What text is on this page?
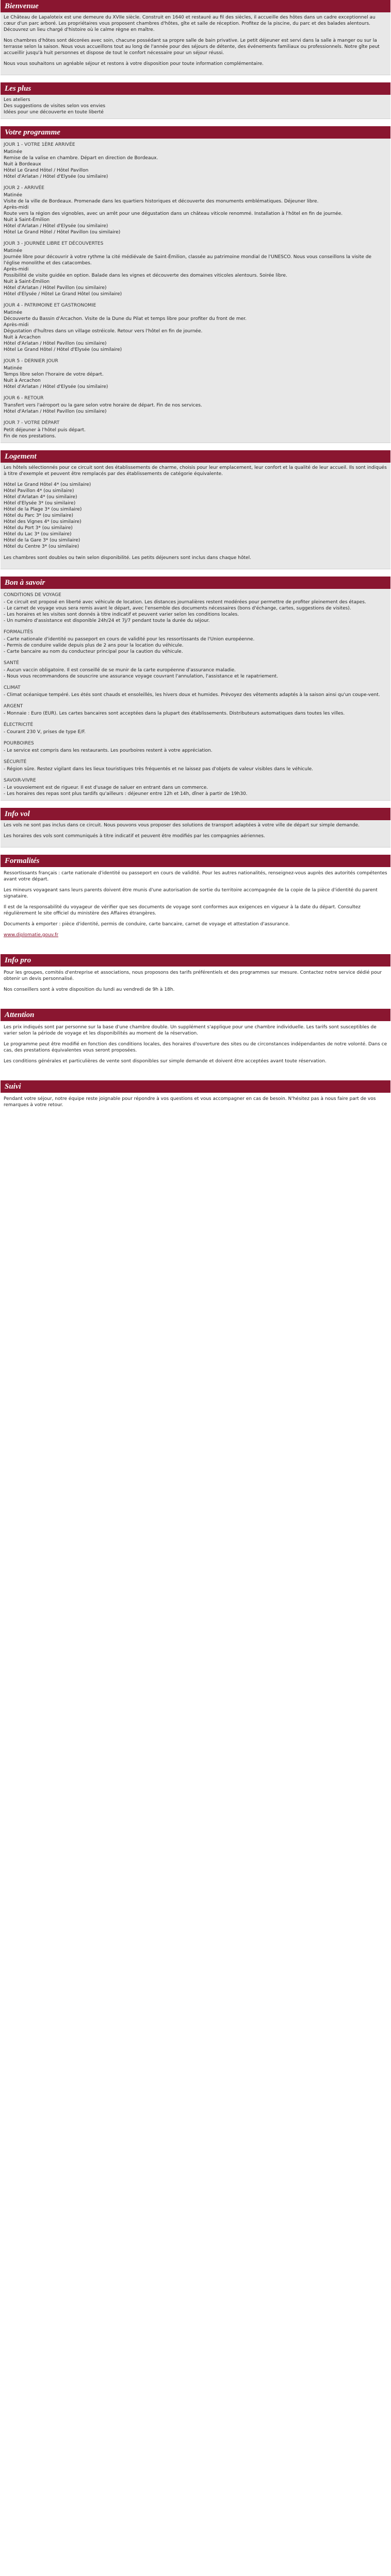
Bienvenue

Le Château de Lapaloteix est une demeure du XVIIe siècle. Construit en 1640 et restauré au fil des siècles, il accueille des hôtes dans un cadre exceptionnel au cœur d'un parc arboré. Les propriétaires vous proposent chambres d'hôtes, gîte et salle de réception. Profitez de la piscine, du parc et des balades alentours. Découvrez un lieu chargé d'histoire où le calme règne en maître.

Nos chambres d'hôtes sont décorées avec soin, chacune possédant sa propre salle de bain privative. Le petit déjeuner est servi dans la salle à manger ou sur la terrasse selon la saison. Nous vous accueillons tout au long de l'année pour des séjours de détente, des événements familiaux ou professionnels. Notre gîte peut accueillir jusqu'à huit personnes et dispose de tout le confort nécessaire pour un séjour réussi.

Nous vous souhaitons un agréable séjour et restons à votre disposition pour toute information complémentaire.

Les plus
Les ateliers
Des suggestions de visites selon vos envies
Idées pour une découverte en toute liberté
Votre programme
JOUR 1 - VOTRE 1ÈRE ARRIVÉE
Matinée
Remise de la valise en chambre. Départ en direction de Bordeaux.
Nuit à Bordeaux
Hôtel Le Grand Hôtel / Hôtel Pavillon
Hôtel d'Arlatan / Hôtel d'Elysée (ou similaire)
JOUR 2 - ARRIVÉE
Matinée
Visite de la ville de Bordeaux. Promenade dans les quartiers historiques et découverte des monuments emblématiques. Déjeuner libre.
Après-midi
Route vers la région des vignobles, avec un arrêt pour une dégustation dans un château viticole renommé. Installation à l'hôtel en fin de journée.
Nuit à Saint-Émilion
Hôtel d'Arlatan / Hôtel d'Elysée (ou similaire)
Hôtel Le Grand Hôtel / Hôtel Pavillon (ou similaire)
JOUR 3 - JOURNÉE LIBRE ET DÉCOUVERTES
Matinée
Journée libre pour découvrir à votre rythme la cité médiévale de Saint-Émilion, classée au patrimoine mondial de l'UNESCO. Nous vous conseillons la visite de l'église monolithe et des catacombes.
Après-midi
Possibilité de visite guidée en option. Balade dans les vignes et découverte des domaines viticoles alentours. Soirée libre.
Nuit à Saint-Émilion
Hôtel d'Arlatan / Hôtel Pavillon (ou similaire)
Hôtel d'Elysée / Hôtel Le Grand Hôtel (ou similaire)
JOUR 4 - PATRIMOINE ET GASTRONOMIE
Matinée
Découverte du Bassin d'Arcachon. Visite de la Dune du Pilat et temps libre pour profiter du front de mer.
Après-midi
Dégustation d'huîtres dans un village ostréicole. Retour vers l'hôtel en fin de journée.
Nuit à Arcachon
Hôtel d'Arlatan / Hôtel Pavillon (ou similaire)
Hôtel Le Grand Hôtel / Hôtel d'Elysée (ou similaire)
JOUR 5 - DERNIER JOUR
Matinée
Temps libre selon l'horaire de votre départ.
Nuit à Arcachon
Hôtel d'Arlatan / Hôtel d'Elysée (ou similaire)
JOUR 6 - RETOUR
Transfert vers l'aéroport ou la gare selon votre horaire de départ. Fin de nos services.
Hôtel d'Arlatan / Hôtel Pavillon (ou similaire)
JOUR 7 - VOTRE DÉPART
Petit déjeuner à l'hôtel puis départ.
Fin de nos prestations.
Logement

Les hôtels sélectionnés pour ce circuit sont des établissements de charme, choisis pour leur emplacement, leur confort et la qualité de leur accueil. Ils sont indiqués à titre d'exemple et peuvent être remplacés par des établissements de catégorie équivalente.

Hôtel Le Grand Hôtel 4* (ou similaire)
Hôtel Pavillon 4* (ou similaire)
Hôtel d'Arlatan 4* (ou similaire)
Hôtel d'Elysée 3* (ou similaire)
Hôtel de la Plage 3* (ou similaire)
Hôtel du Parc 3* (ou similaire)
Hôtel des Vignes 4* (ou similaire)
Hôtel du Port 3* (ou similaire)
Hôtel du Lac 3* (ou similaire)
Hôtel de la Gare 3* (ou similaire)
Hôtel du Centre 3* (ou similaire)

Les chambres sont doubles ou twin selon disponibilité. Les petits déjeuners sont inclus dans chaque hôtel.

Bon à savoir
CONDITIONS DE VOYAGE
- Ce circuit est proposé en liberté avec véhicule de location. Les distances journalières restent modérées pour permettre de profiter pleinement des étapes.
- Le carnet de voyage vous sera remis avant le départ, avec l'ensemble des documents nécessaires (bons d'échange, cartes, suggestions de visites).
- Les horaires et les visites sont donnés à titre indicatif et peuvent varier selon les conditions locales.
- Un numéro d'assistance est disponible 24h/24 et 7j/7 pendant toute la durée du séjour.
FORMALITÉS
- Carte nationale d'identité ou passeport en cours de validité pour les ressortissants de l'Union européenne.
- Permis de conduire valide depuis plus de 2 ans pour la location du véhicule.
- Carte bancaire au nom du conducteur principal pour la caution du véhicule.
SANTÉ
- Aucun vaccin obligatoire. Il est conseillé de se munir de la carte européenne d'assurance maladie.
- Nous vous recommandons de souscrire une assurance voyage couvrant l'annulation, l'assistance et le rapatriement.
CLIMAT
- Climat océanique tempéré. Les étés sont chauds et ensoleillés, les hivers doux et humides. Prévoyez des vêtements adaptés à la saison ainsi qu'un coupe-vent.
ARGENT
- Monnaie : Euro (EUR). Les cartes bancaires sont acceptées dans la plupart des établissements. Distributeurs automatiques dans toutes les villes.
ÉLECTRICITÉ
- Courant 230 V, prises de type E/F.
POURBOIRES
- Le service est compris dans les restaurants. Les pourboires restent à votre appréciation.
SÉCURITÉ
- Région sûre. Restez vigilant dans les lieux touristiques très fréquentés et ne laissez pas d'objets de valeur visibles dans le véhicule.
SAVOIR-VIVRE
- Le vouvoiement est de rigueur. Il est d'usage de saluer en entrant dans un commerce.
- Les horaires des repas sont plus tardifs qu'ailleurs : déjeuner entre 12h et 14h, dîner à partir de 19h30.
Info vol

Les vols ne sont pas inclus dans ce circuit. Nous pouvons vous proposer des solutions de transport adaptées à votre ville de départ sur simple demande.

Les horaires des vols sont communiqués à titre indicatif et peuvent être modifiés par les compagnies aériennes.

Formalités

Ressortissants français : carte nationale d'identité ou passeport en cours de validité. Pour les autres nationalités, renseignez-vous auprès des autorités compétentes avant votre départ.

Les mineurs voyageant sans leurs parents doivent être munis d'une autorisation de sortie du territoire accompagnée de la copie de la pièce d'identité du parent signataire.

Il est de la responsabilité du voyageur de vérifier que ses documents de voyage sont conformes aux exigences en vigueur à la date du départ. Consultez régulièrement le site officiel du ministère des Affaires étrangères.

Documents à emporter : pièce d'identité, permis de conduire, carte bancaire, carnet de voyage et attestation d'assurance.

www.diplomatie.gouv.fr

Info pro

Pour les groupes, comités d'entreprise et associations, nous proposons des tarifs préférentiels et des programmes sur mesure. Contactez notre service dédié pour obtenir un devis personnalisé.

Nos conseillers sont à votre disposition du lundi au vendredi de 9h à 18h.

Attention

Les prix indiqués sont par personne sur la base d'une chambre double. Un supplément s'applique pour une chambre individuelle. Les tarifs sont susceptibles de varier selon la période de voyage et les disponibilités au moment de la réservation.

Le programme peut être modifié en fonction des conditions locales, des horaires d'ouverture des sites ou de circonstances indépendantes de notre volonté. Dans ce cas, des prestations équivalentes vous seront proposées.

Les conditions générales et particulières de vente sont disponibles sur simple demande et doivent être acceptées avant toute réservation.

Suivi

Pendant votre séjour, notre équipe reste joignable pour répondre à vos questions et vous accompagner en cas de besoin. N'hésitez pas à nous faire part de vos remarques à votre retour.
